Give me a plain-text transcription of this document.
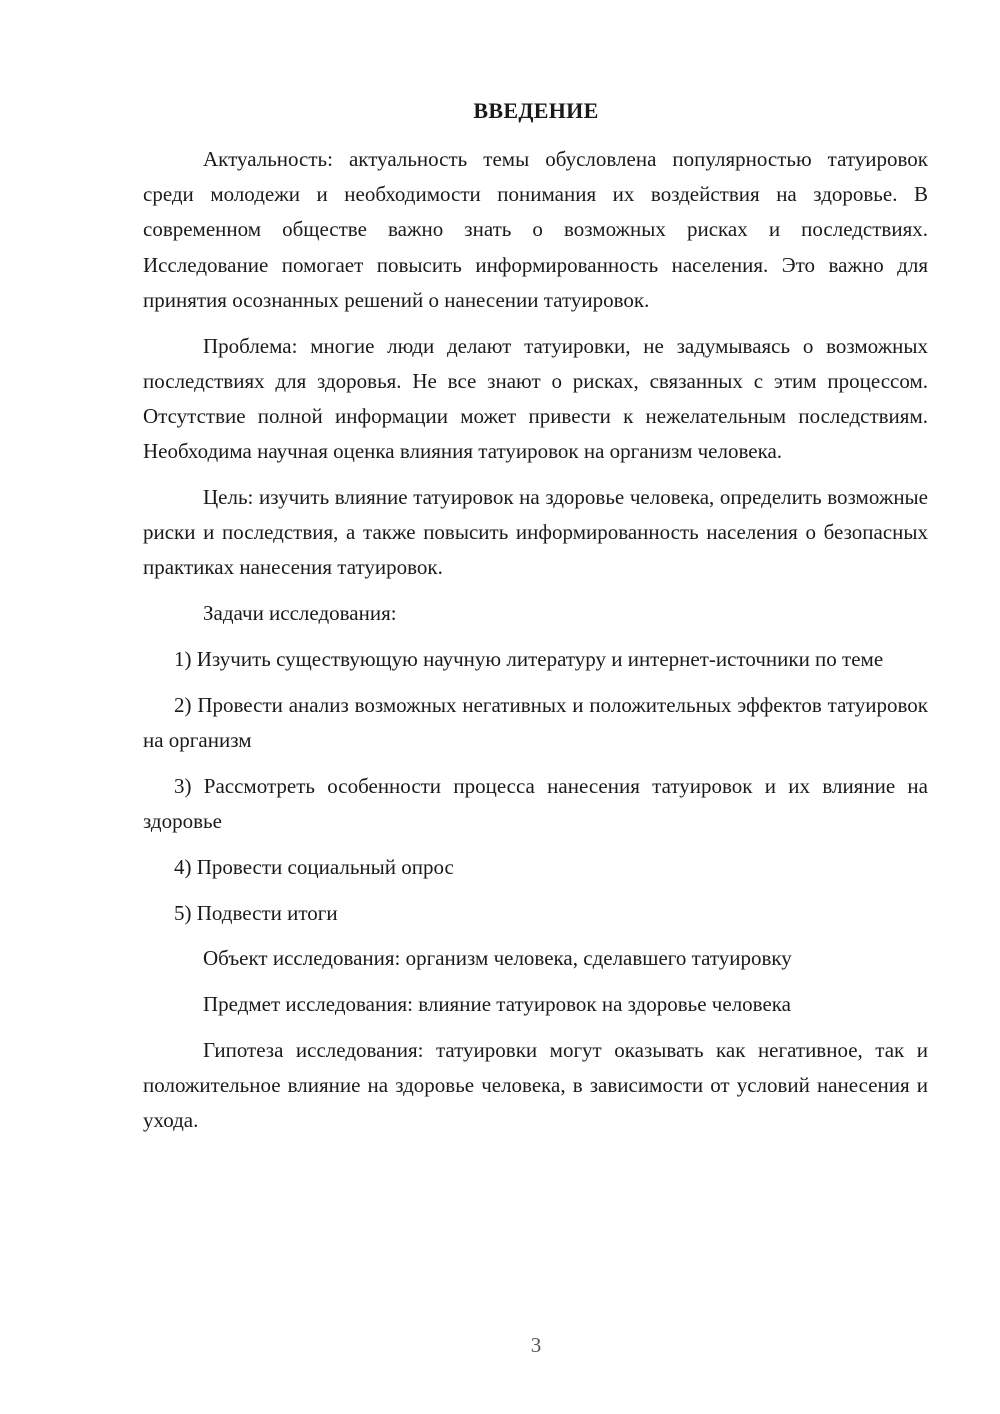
ВВЕДЕНИЕ

Актуальность: актуальность темы обусловлена популярностью татуировок среди молодежи и необходимости понимания их воздействия на здоровье. В современном обществе важно знать о возможных рисках и последствиях. Исследование помогает повысить информированность населения. Это важно для принятия осознанных решений о нанесении татуировок.

Проблема: многие люди делают татуировки, не задумываясь о возможных последствиях для здоровья. Не все знают о рисках, связанных с этим процессом. Отсутствие полной информации может привести к нежелательным последствиям. Необходима научная оценка влияния татуировок на организм человека.

Цель: изучить влияние татуировок на здоровье человека, определить возможные риски и последствия, а также повысить информированность населения о безопасных практиках нанесения татуировок.

Задачи исследования:

1) Изучить существующую научную литературу и интернет-источники по теме

2) Провести анализ возможных негативных и положительных эффектов татуировок на организм

3) Рассмотреть особенности процесса нанесения татуировок и их влияние на здоровье

4) Провести социальный опрос

5) Подвести итоги

Объект исследования: организм человека, сделавшего татуировку

Предмет исследования: влияние татуировок на здоровье человека

Гипотеза исследования: татуировки могут оказывать как негативное, так и положительное влияние на здоровье человека, в зависимости от условий нанесения и ухода.

3
